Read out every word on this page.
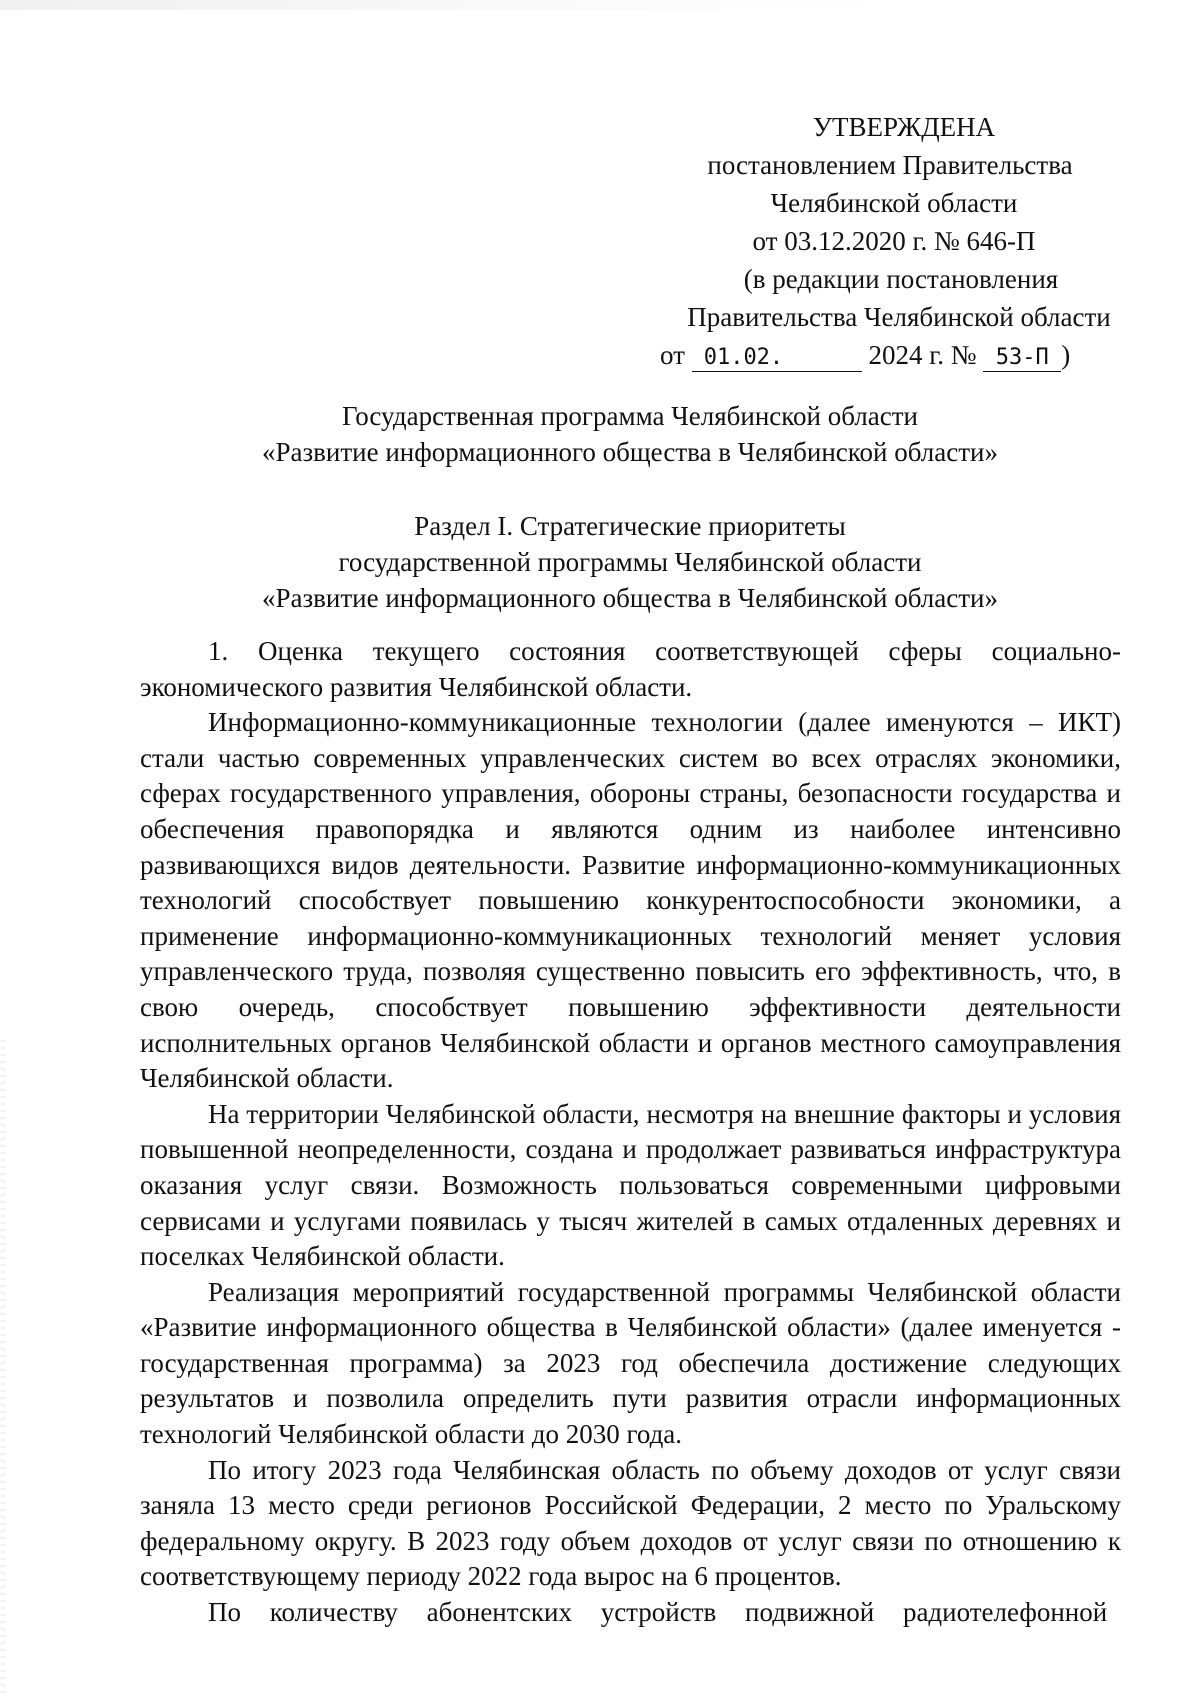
УТВЕРЖДЕНА
постановлением Правительства
Челябинской области
от 03.12.2020 г. № 646-П
(в редакции постановления
Правительства Челябинской области
от 01.02.	2024 г. № 53-П )
Государственная программа Челябинской области
«Развитие информационного общества в Челябинской области»
Раздел I. Стратегические приоритеты
государственной программы Челябинской области
«Развитие информационного общества в Челябинской области»

1. Оценка текущего состояния соответствующей сферы социально-экономического развития Челябинской области.

Информационно-коммуникационные технологии (далее именуются – ИКТ) стали частью современных управленческих систем во всех отраслях экономики, сферах государственного управления, обороны страны, безопасности государства и обеспечения правопорядка и являются одним из наиболее интенсивно развивающихся видов деятельности. Развитие информационно-коммуникационных технологий способствует повышению конкурентоспособности экономики, а применение информационно-коммуникационных технологий меняет условия управленческого труда, позволяя существенно повысить его эффективность, что, в свою очередь, способствует повышению эффективности деятельности исполнительных органов Челябинской области и органов местного самоуправления Челябинской области.

На территории Челябинской области, несмотря на внешние факторы и условия повышенной неопределенности, создана и продолжает развиваться инфраструктура оказания услуг связи. Возможность пользоваться современными цифровыми сервисами и услугами появилась у тысяч жителей в самых отдаленных деревнях и поселках Челябинской области.

Реализация мероприятий государственной программы Челябинской области «Развитие информационного общества в Челябинской области» (далее именуется - государственная программа) за 2023 год обеспечила достижение следующих результатов и позволила определить пути развития отрасли информационных технологий Челябинской области до 2030 года.

По итогу 2023 года Челябинская область по объему доходов от услуг связи заняла 13 место среди регионов Российской Федерации, 2 место по Уральскому федеральному округу. В 2023 году объем доходов от услуг связи по отношению к соответствующему периоду 2022 года вырос на 6 процентов.

По количеству абонентских устройств подвижной радиотелефонной
